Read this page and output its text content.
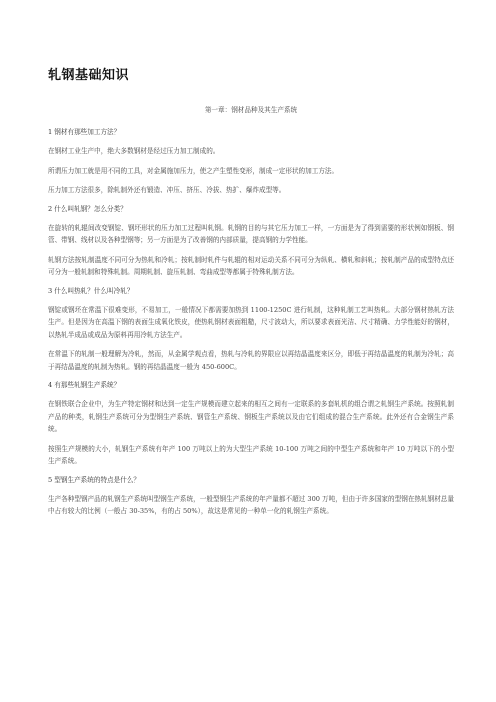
轧钢基础知识
第一章：钢材品种及其生产系统
1 钢材有那些加工方法？
在钢材工业生产中，绝大多数钢材是经过压力加工制成的。
所谓压力加工就是用不同的工具，对金属施加压力，使之产生塑性变形，制成一定形状的加工方法。
压力加工方法很多，除轧制外还有锻造、冲压、挤压、冷拔、热扩、爆炸成型等。
2 什么叫轧钢？怎么分类？
在旋转的轧辊间改变钢锭、钢坯形状的压力加工过程叫轧钢。轧钢的目的与其它压力加工一样，一方面是为了得到需要的形状例如钢板、钢管、带钢、线材以及各种型钢等；另一方面是为了改善钢的内部质量，提高钢的力学性能。
轧钢方法按轧制温度不同可分为热轧和冷轧；按轧制时轧件与轧辊的相对运动关系不同可分为纵轧、横轧和斜轧；按轧制产品的成型特点还可分为一般轧制和特殊轧制。周期轧制、旋压轧制、弯曲成型等都属于特殊轧制方法。
3 什么叫热轧？什么叫冷轧？
钢锭或钢坯在常温下很难变形，不易加工，一般情况下都需要加热到 1100-1250C 进行轧制，这种轧制工艺叫热轧。大部分钢材热轧方法生产。但是因为在高温下钢的表面生成氧化铁皮，使热轧钢材表面粗糙，尺寸波动大，所以要求表面光洁、尺寸精确、力学性能好的钢材，以热轧半成品或成品为原料再用冷轧方法生产。
在常温下的轧制一般理解为冷轧，然而，从金属学观点看，热轧与冷轧的界限应以再结晶温度来区分，即低于再结晶温度的轧制为冷轧；高于再结晶温度的轧制为热轧。钢的再结晶温度一般为 450-600C。
4 有那些轧钢生产系统？
在钢铁联合企业中，为生产特定钢材和达到一定生产规模而建立起来的相互之间有一定联系的多套轧机的组合谓之轧钢生产系统。按照轧制产品的种类，轧钢生产系统可分为型钢生产系统、钢管生产系统、钢板生产系统以及由它们组成的混合生产系统。此外还有合金钢生产系统。
按照生产规模的大小，轧钢生产系统有年产 100 万吨以上的为大型生产系统 10-100 万吨之间的中型生产系统和年产 10 万吨以下的小型生产系统。
5 型钢生产系统的特点是什么？
生产各种型钢产品的轧钢生产系统叫型钢生产系统，一般型钢生产系统的年产量都不超过 300 万吨，但由于许多国家的型钢在热轧钢材总量中占有较大的比例（一般占 30-35%，有的占 50%），故这是常见的一种单一化的轧钢生产系统。
